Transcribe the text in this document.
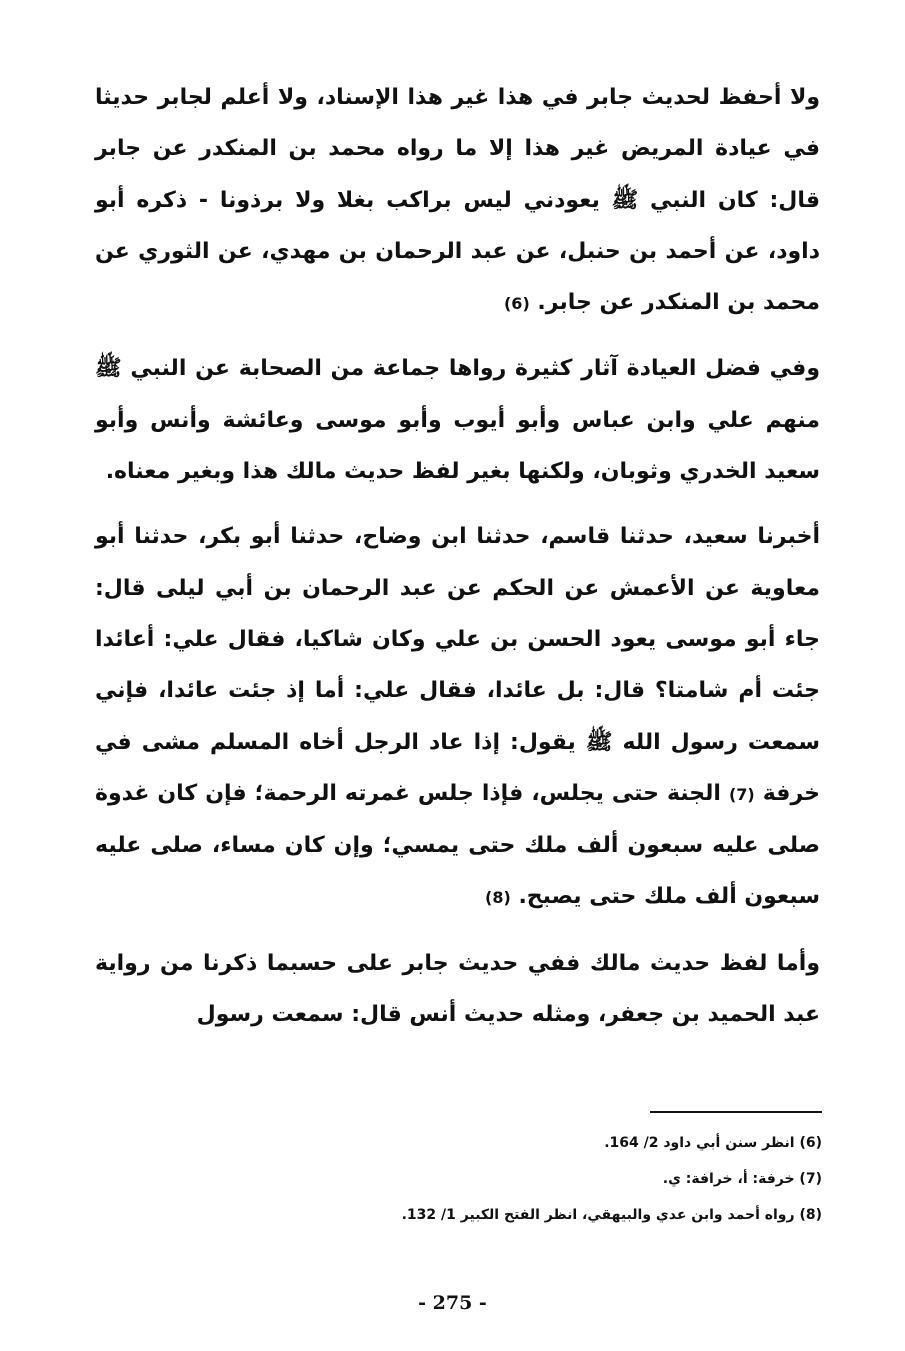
ولا أحفظ لحديث جابر في هذا غير هذا الإسناد، ولا أعلم لجابر حديثا في عيادة المريض غير هذا إلا ما رواه محمد بن المنكدر عن جابر قال: كان النبي ﷺ يعودني ليس براكب بغلا ولا برذونا - ذكره أبو داود، عن أحمد بن حنبل، عن عبد الرحمان بن مهدي، عن الثوري عن محمد بن المنكدر عن جابر. (6)

وفي فضل العيادة آثار كثيرة رواها جماعة من الصحابة عن النبي ﷺ منهم علي وابن عباس وأبو أيوب وأبو موسى وعائشة وأنس وأبو سعيد الخدري وثوبان، ولكنها بغير لفظ حديث مالك هذا وبغير معناه.

أخبرنا سعيد، حدثنا قاسم، حدثنا ابن وضاح، حدثنا أبو بكر، حدثنا أبو معاوية عن الأعمش عن الحكم عن عبد الرحمان بن أبي ليلى قال: جاء أبو موسى يعود الحسن بن علي وكان شاكيا، فقال علي: أعائدا جئت أم شامتا؟ قال: بل عائدا، فقال علي: أما إذ جئت عائدا، فإني سمعت رسول الله ﷺ يقول: إذا عاد الرجل أخاه المسلم مشى في خرفة (7) الجنة حتى يجلس، فإذا جلس غمرته الرحمة؛ فإن كان غدوة صلى عليه سبعون ألف ملك حتى يمسي؛ وإن كان مساء، صلى عليه سبعون ألف ملك حتى يصبح. (8)

وأما لفظ حديث مالك ففي حديث جابر على حسبما ذكرنا من رواية عبد الحميد بن جعفر، ومثله حديث أنس قال: سمعت رسول

(6) انظر سنن أبي داود 2/ 164.
(7) خرفة: أ، خرافة: ي.
(8) رواه أحمد وابن عدي والبيهقي، انظر الفتح الكبير 1/ 132.
- 275 -
